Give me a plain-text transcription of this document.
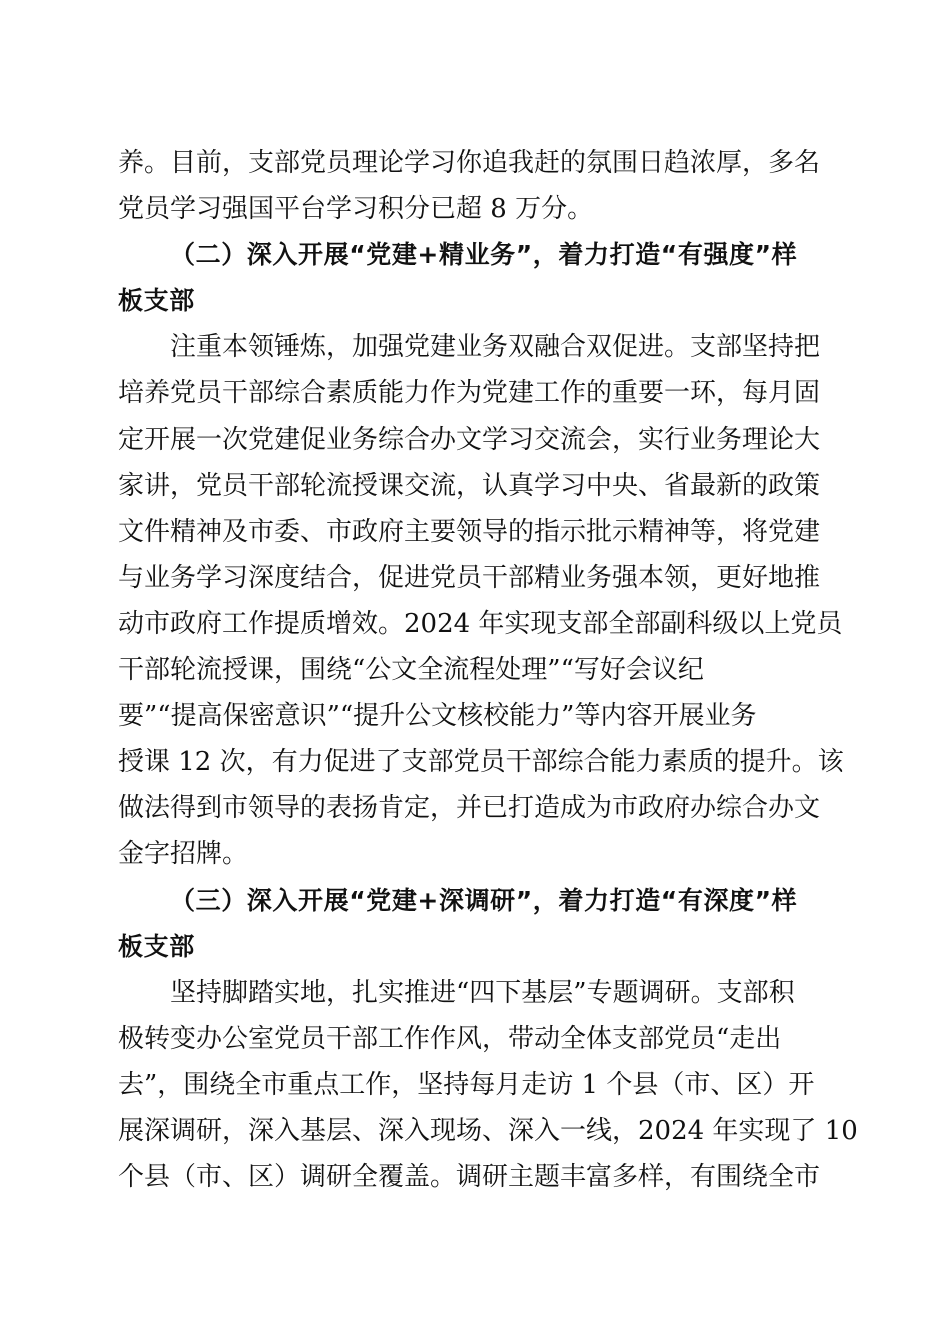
养。目前，支部党员理论学习你追我赶的氛围日趋浓厚，多名
党员学习强国平台学习积分已超 8 万分。
（二）深入开展“党建+精业务”，着力打造“有强度”样
板支部
注重本领锤炼，加强党建业务双融合双促进。支部坚持把
培养党员干部综合素质能力作为党建工作的重要一环，每月固
定开展一次党建促业务综合办文学习交流会，实行业务理论大
家讲，党员干部轮流授课交流，认真学习中央、省最新的政策
文件精神及市委、市政府主要领导的指示批示精神等，将党建
与业务学习深度结合，促进党员干部精业务强本领，更好地推
动市政府工作提质增效。2024 年实现支部全部副科级以上党员
干部轮流授课，围绕“公文全流程处理”“写好会议纪
要”“提高保密意识”“提升公文核校能力”等内容开展业务
授课 12 次，有力促进了支部党员干部综合能力素质的提升。该
做法得到市领导的表扬肯定，并已打造成为市政府办综合办文
金字招牌。
（三）深入开展“党建+深调研”，着力打造“有深度”样
板支部
坚持脚踏实地，扎实推进“四下基层”专题调研。支部积
极转变办公室党员干部工作作风，带动全体支部党员“走出
去”，围绕全市重点工作，坚持每月走访 1 个县（市、区）开
展深调研，深入基层、深入现场、深入一线，2024 年实现了 10
个县（市、区）调研全覆盖。调研主题丰富多样，有围绕全市
